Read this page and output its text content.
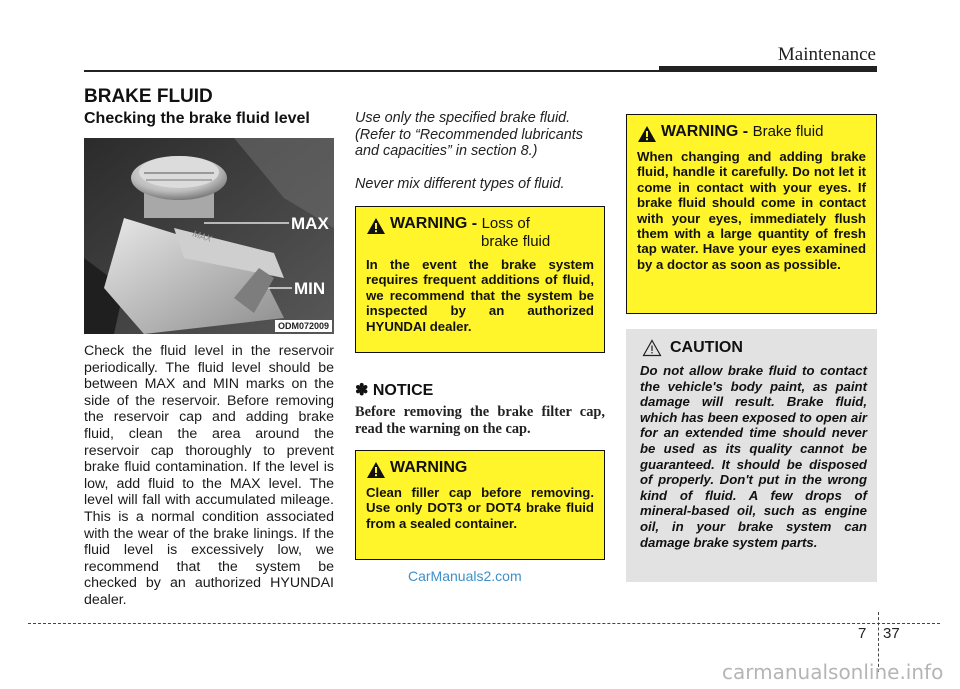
Maintenance
BRAKE FLUID
Checking the brake fluid level
MAX
MAX
MIN
ODM072009
Check the fluid level in the reservoir periodically. The fluid level should be between MAX and MIN marks on the side of the reservoir. Before removing the reservoir cap and adding brake fluid, clean the area around the reservoir cap thoroughly to prevent brake fluid contamination. If the level is low, add fluid to the MAX level. The level will fall with accumulated mileage. This is a normal condition associated with the wear of the brake linings. If the fluid level is excessively low, we recommend that the system be checked by an authorized HYUNDAI dealer.
Use only the specified brake fluid. (Refer to “Recommended lubricants and capacities” in section 8.)
Never mix different types of fluid.
WARNING - Loss of
brake fluid
In the event the brake system requires frequent additions of fluid, we recommend that the system be inspected by an authorized HYUNDAI dealer.
✽ NOTICE
Before removing the brake filter cap, read the warning on the cap.
WARNING
Clean filler cap before removing. Use only DOT3 or DOT4 brake fluid from a sealed container.
WARNING - Brake fluid
When changing and adding brake fluid, handle it carefully. Do not let it come in contact with your eyes. If brake fluid should come in contact with your eyes, immediately flush them with a large quantity of fresh tap water. Have your eyes examined by a doctor as soon as possible.
CAUTION
Do not allow brake fluid to contact the vehicle's body paint, as paint damage will result. Brake fluid, which has been exposed to open air for an extended time should never be used as its quality cannot be guaranteed. It should be disposed of properly. Don't put in the wrong kind of fluid. A few drops of mineral-based oil, such as engine oil, in your brake system can damage brake system parts.
CarManuals2.com
7 37
carmanualsonline.info
